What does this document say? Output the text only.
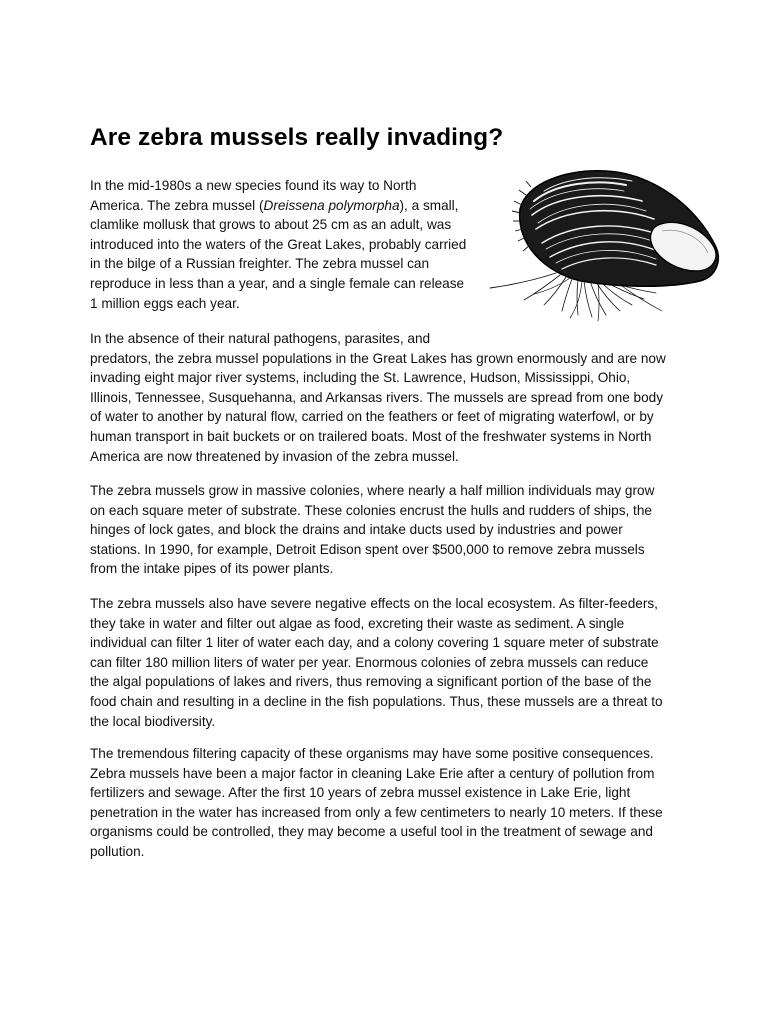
Are zebra mussels really invading?
In the mid-1980s a new species found its way to North
America. The zebra mussel (Dreissena polymorpha), a small,
clamlike mollusk that grows to about 25 cm as an adult, was
introduced into the waters of the Great Lakes, probably carried
in the bilge of a Russian freighter. The zebra mussel can
reproduce in less than a year, and a single female can release
1 million eggs each year.
In the absence of their natural pathogens, parasites, and
predators, the zebra mussel populations in the Great Lakes has grown enormously and are now
invading eight major river systems, including the St. Lawrence, Hudson, Mississippi, Ohio,
Illinois, Tennessee, Susquehanna, and Arkansas rivers. The mussels are spread from one body
of water to another by natural flow, carried on the feathers or feet of migrating waterfowl, or by
human transport in bait buckets or on trailered boats. Most of the freshwater systems in North
America are now threatened by invasion of the zebra mussel.
The zebra mussels grow in massive colonies, where nearly a half million individuals may grow
on each square meter of substrate. These colonies encrust the hulls and rudders of ships, the
hinges of lock gates, and block the drains and intake ducts used by industries and power
stations. In 1990, for example, Detroit Edison spent over $500,000 to remove zebra mussels
from the intake pipes of its power plants.
The zebra mussels also have severe negative effects on the local ecosystem. As filter-feeders,
they take in water and filter out algae as food, excreting their waste as sediment. A single
individual can filter 1 liter of water each day, and a colony covering 1 square meter of substrate
can filter 180 million liters of water per year. Enormous colonies of zebra mussels can reduce
the algal populations of lakes and rivers, thus removing a significant portion of the base of the
food chain and resulting in a decline in the fish populations. Thus, these mussels are a threat to
the local biodiversity.
The tremendous filtering capacity of these organisms may have some positive consequences.
Zebra mussels have been a major factor in cleaning Lake Erie after a century of pollution from
fertilizers and sewage. After the first 10 years of zebra mussel existence in Lake Erie, light
penetration in the water has increased from only a few centimeters to nearly 10 meters. If these
organisms could be controlled, they may become a useful tool in the treatment of sewage and
pollution.
